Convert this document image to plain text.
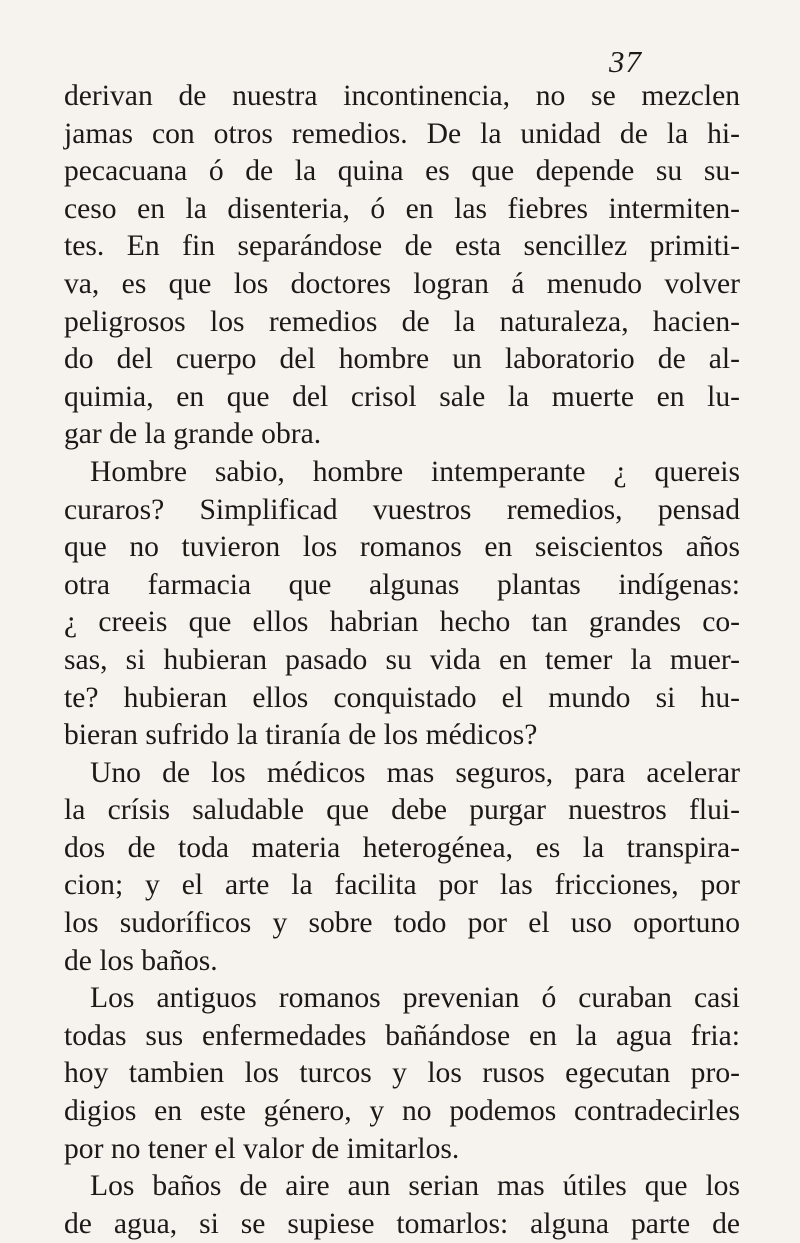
37
derivan de nuestra incontinencia, no se mezclen
jamas con otros remedios. De la unidad de la hi-
pecacuana ó de la quina es que depende su su-
ceso en la disenteria, ó en las fiebres intermiten-
tes. En fin separándose de esta sencillez primiti-
va, es que los doctores logran á menudo volver
peligrosos los remedios de la naturaleza, hacien-
do del cuerpo del hombre un laboratorio de al-
quimia, en que del crisol sale la muerte en lu-
gar de la grande obra.
Hombre sabio, hombre intemperante ¿ quereis
curaros? Simplificad vuestros remedios, pensad
que no tuvieron los romanos en seiscientos años
otra farmacia que algunas plantas indígenas:
¿ creeis que ellos habrian hecho tan grandes co-
sas, si hubieran pasado su vida en temer la muer-
te? hubieran ellos conquistado el mundo si hu-
bieran sufrido la tiranía de los médicos?
Uno de los médicos mas seguros, para acelerar
la crísis saludable que debe purgar nuestros flui-
dos de toda materia heterogénea, es la transpira-
cion; y el arte la facilita por las fricciones, por
los sudoríficos y sobre todo por el uso oportuno
de los baños.
Los antiguos romanos prevenian ó curaban casi
todas sus enfermedades bañándose en la agua fria:
hoy tambien los turcos y los rusos egecutan pro-
digios en este género, y no podemos contradecirles
por no tener el valor de imitarlos.
Los baños de aire aun serian mas útiles que los
de agua, si se supiese tomarlos: alguna parte de
